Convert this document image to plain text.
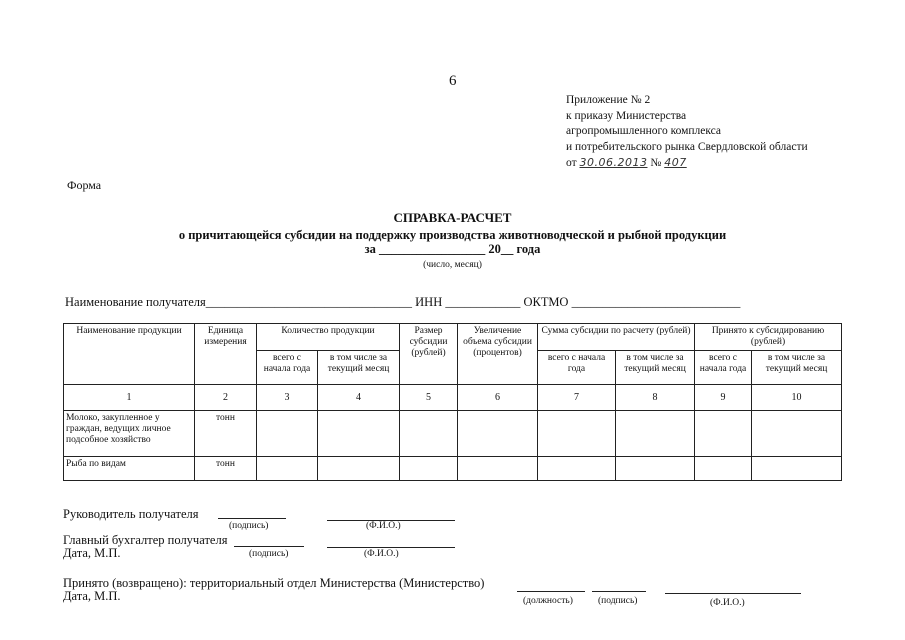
6
Приложение № 2
к приказу Министерства
агропромышленного комплекса
и потребительского рынка Свердловской области
от 30.06.2013 № 407
Форма
СПРАВКА-РАСЧЕТ
о причитающейся субсидии на поддержку производства животноводческой и рыбной продукции
за _________________ 20__ года
(число, месяц)
Наименование получателя_________________________________ ИНН ____________ ОКТМО ___________________________
Наименование продукции	Единица измерения	Количество продукции		Размер субсидии (рублей)	Увеличение объема субсидии (процентов)	Сумма субсидии по расчету (рублей)		Принято к субсидированию (рублей)	
		всего с начала года	в том числе за текущий месяц			всего с начала года	в том числе за текущий месяц	всего с начала года	в том числе за текущий месяц
1	2	3	4	5	6	7	8	9	10
Молоко, закупленное у граждан, ведущих личное подсобное хозяйство	тонн								
Рыба по видам	тонн								
Руководитель получателя
(подпись)	(Ф.И.О.)
Главный бухгалтер получателя
Дата, М.П.	(подпись)	(Ф.И.О.)
Принято (возвращено): территориальный отдел Министерства (Министерство)
Дата, М.П.	(должность)	(подпись)	(Ф.И.О.)
